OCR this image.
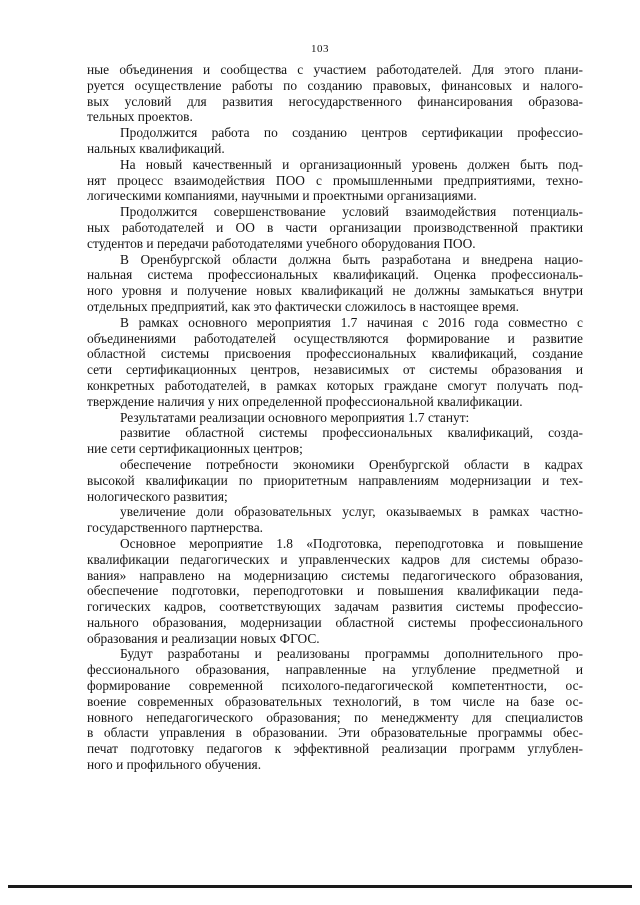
103

ные объединения и сообщества с участием работодателей. Для этого плани-
руется осуществление работы по созданию правовых, финансовых и налого-
вых условий для развития негосударственного финансирования образова-
тельных проектов.

Продолжится работа по созданию центров сертификации профессио-
нальных квалификаций.

На новый качественный и организационный уровень должен быть под-
нят процесс взаимодействия ПОО с промышленными предприятиями, техно-
логическими компаниями, научными и проектными организациями.

Продолжится совершенствование условий взаимодействия потенциаль-
ных работодателей и ОО в части организации производственной практики
студентов и передачи работодателями учебного оборудования ПОО.

В Оренбургской области должна быть разработана и внедрена нацио-
нальная система профессиональных квалификаций. Оценка профессиональ-
ного уровня и получение новых квалификаций не должны замыкаться внутри
отдельных предприятий, как это фактически сложилось в настоящее время.

В рамках основного мероприятия 1.7 начиная с 2016 года совместно с
объединениями работодателей осуществляются формирование и развитие
областной системы присвоения профессиональных квалификаций, создание
сети сертификационных центров, независимых от системы образования и
конкретных работодателей, в рамках которых граждане смогут получать под-
тверждение наличия у них определенной профессиональной квалификации.

Результатами реализации основного мероприятия 1.7 станут:

развитие областной системы профессиональных квалификаций, созда-
ние сети сертификационных центров;

обеспечение потребности экономики Оренбургской области в кадрах
высокой квалификации по приоритетным направлениям модернизации и тех-
нологического развития;

увеличение доли образовательных услуг, оказываемых в рамках частно-
государственного партнерства.

Основное мероприятие 1.8 «Подготовка, переподготовка и повышение
квалификации педагогических и управленческих кадров для системы образо-
вания» направлено на модернизацию системы педагогического образования,
обеспечение подготовки, переподготовки и повышения квалификации педа-
гогических кадров, соответствующих задачам развития системы профессио-
нального образования, модернизации областной системы профессионального
образования и реализации новых ФГОС.

Будут разработаны и реализованы программы дополнительного про-
фессионального образования, направленные на углубление предметной и
формирование современной психолого-педагогической компетентности, ос-
воение современных образовательных технологий, в том числе на базе ос-
новного непедагогического образования; по менеджменту для специалистов
в области управления в образовании. Эти образовательные программы обес-
печат подготовку педагогов к эффективной реализации программ углублен-
ного и профильного обучения.
